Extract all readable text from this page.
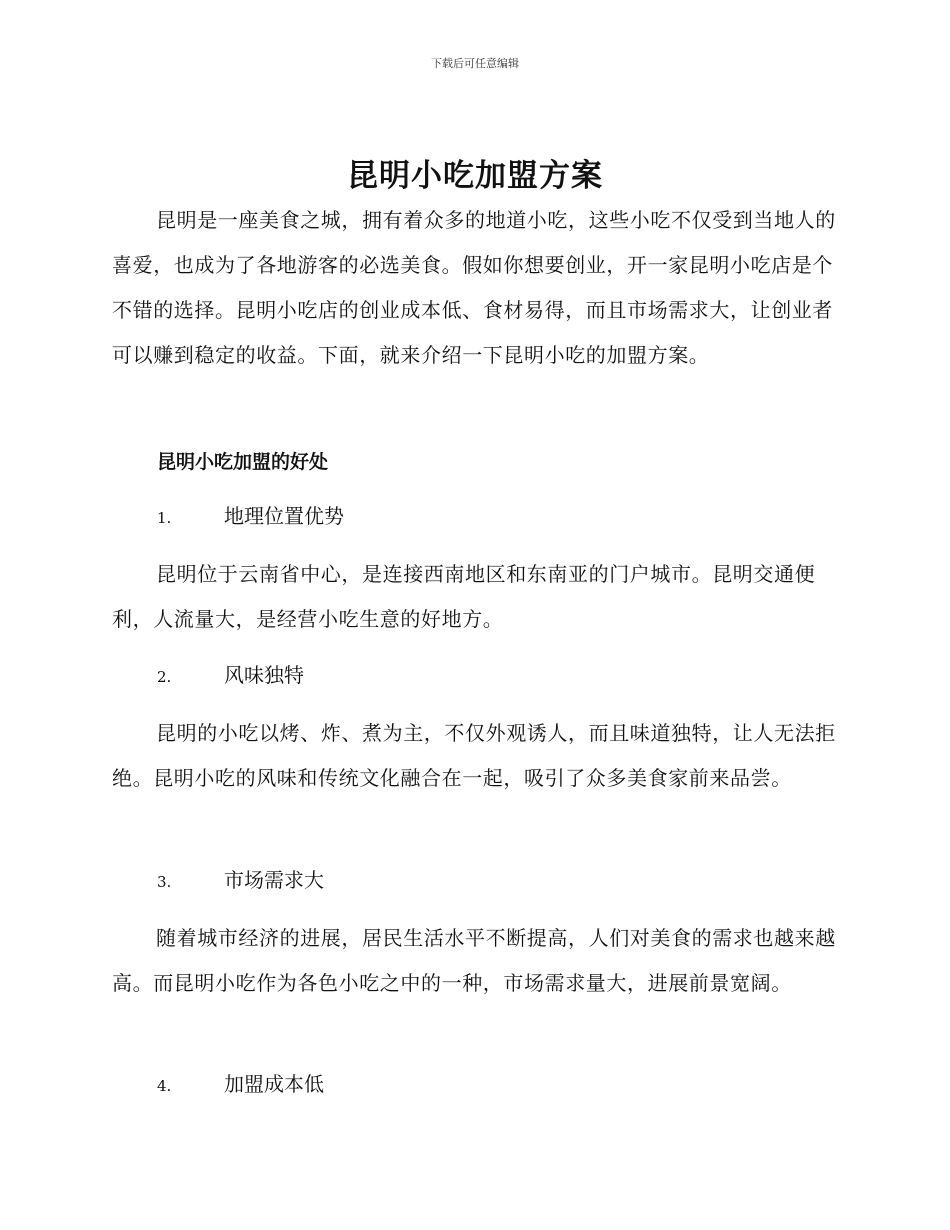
下载后可任意编辑
昆明小吃加盟方案

昆明是一座美食之城，拥有着众多的地道小吃，这些小吃不仅受到当地人的喜爱，也成为了各地游客的必选美食。假如你想要创业，开一家昆明小吃店是个不错的选择。昆明小吃店的创业成本低、食材易得，而且市场需求大，让创业者可以赚到稳定的收益。下面，就来介绍一下昆明小吃的加盟方案。

昆明小吃加盟的好处
1.	地理位置优势

昆明位于云南省中心，是连接西南地区和东南亚的门户城市。昆明交通便利，人流量大，是经营小吃生意的好地方。

2.	风味独特

昆明的小吃以烤、炸、煮为主，不仅外观诱人，而且味道独特，让人无法拒绝。昆明小吃的风味和传统文化融合在一起，吸引了众多美食家前来品尝。

3.	市场需求大

随着城市经济的进展，居民生活水平不断提高，人们对美食的需求也越来越高。而昆明小吃作为各色小吃之中的一种，市场需求量大，进展前景宽阔。

4.	加盟成本低
